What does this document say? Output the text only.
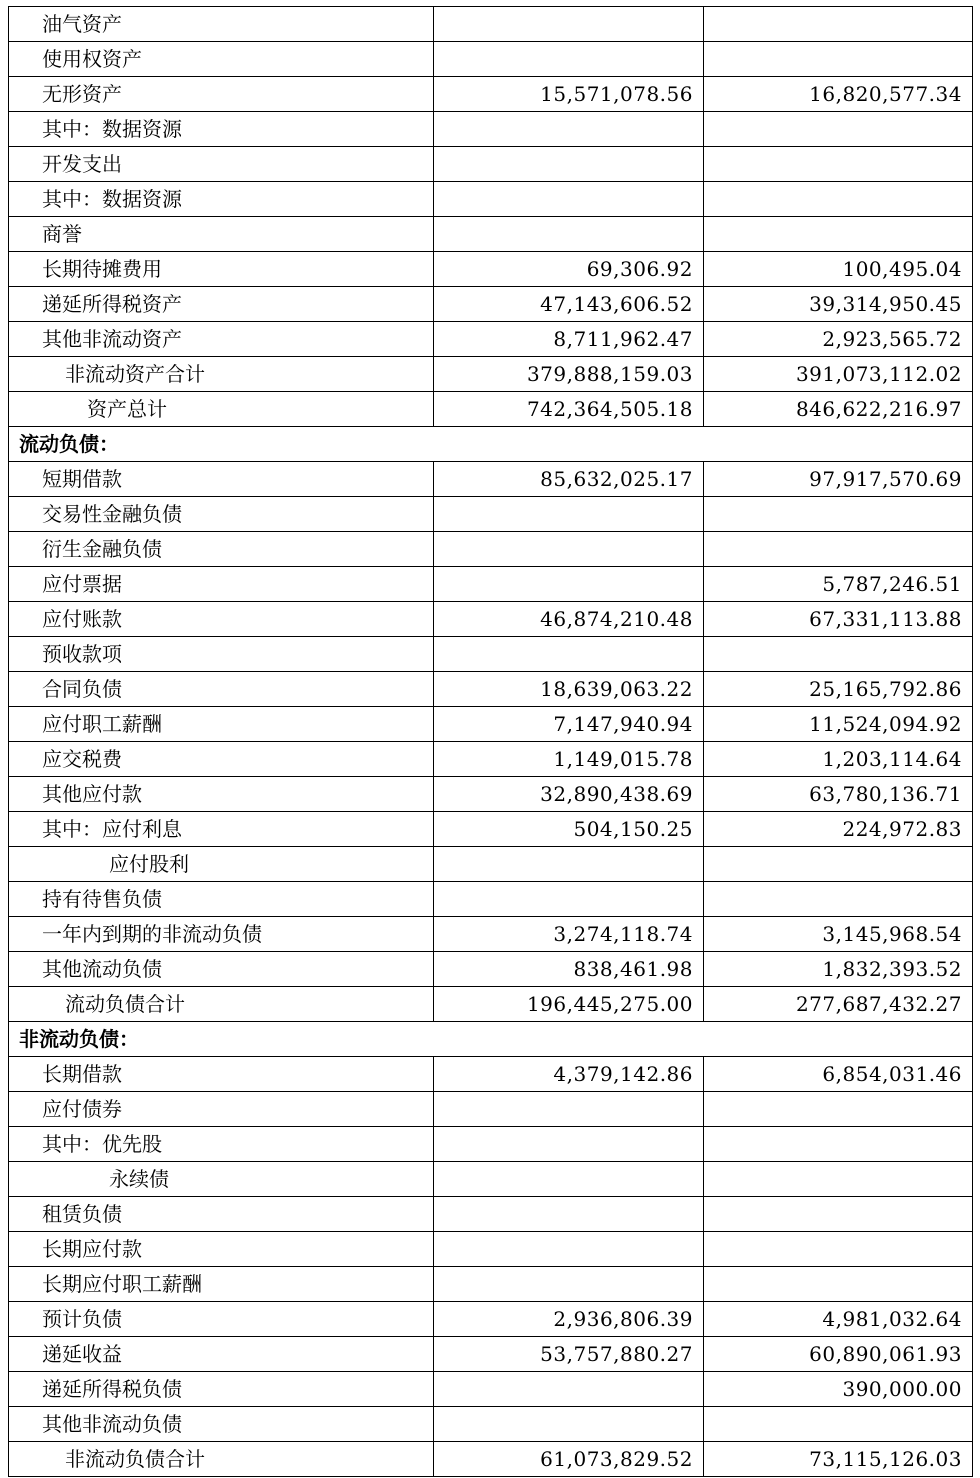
油气资产		
使用权资产		
无形资产	15,571,078.56	16,820,577.34
其中：数据资源		
开发支出		
其中：数据资源		
商誉		
长期待摊费用	69,306.92	100,495.04
递延所得税资产	47,143,606.52	39,314,950.45
其他非流动资产	8,711,962.47	2,923,565.72
非流动资产合计	379,888,159.03	391,073,112.02
资产总计	742,364,505.18	846,622,216.97
流动负债：		
短期借款	85,632,025.17	97,917,570.69
交易性金融负债		
衍生金融负债		
应付票据		5,787,246.51
应付账款	46,874,210.48	67,331,113.88
预收款项		
合同负债	18,639,063.22	25,165,792.86
应付职工薪酬	7,147,940.94	11,524,094.92
应交税费	1,149,015.78	1,203,114.64
其他应付款	32,890,438.69	63,780,136.71
其中：应付利息	504,150.25	224,972.83
应付股利		
持有待售负债		
一年内到期的非流动负债	3,274,118.74	3,145,968.54
其他流动负债	838,461.98	1,832,393.52
流动负债合计	196,445,275.00	277,687,432.27
非流动负债：		
长期借款	4,379,142.86	6,854,031.46
应付债券		
其中：优先股		
永续债		
租赁负债		
长期应付款		
长期应付职工薪酬		
预计负债	2,936,806.39	4,981,032.64
递延收益	53,757,880.27	60,890,061.93
递延所得税负债		390,000.00
其他非流动负债		
非流动负债合计	61,073,829.52	73,115,126.03
